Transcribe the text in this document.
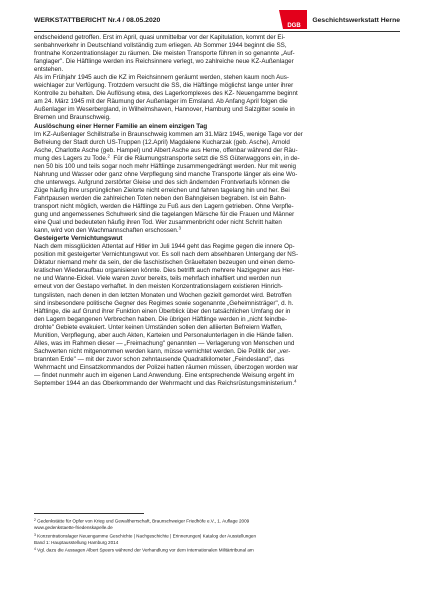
WERKSTATTBERICHT Nr.4 / 08.05.2020
DGB
Geschichtswerkstatt Herne

endscheidend getroffen. Erst im April, quasi unmittelbar vor der Kapitulation, kommt der Ei-
senbahnverkehr in Deutschland vollständig zum erliegen. Ab Sommer 1944 beginnt die SS,
frontnahe Konzentrationslager zu räumen. Die meisten Transporte führen in so genannte „Auf-
fanglager". Die Häftlinge werden ins Reichsinnere verlegt, wo zahlreiche neue KZ-Außenlager
entstehen.
Als im Frühjahr 1945 auch die KZ im Reichsinnern geräumt werden, stehen kaum noch Aus-
weichlager zur Verfügung. Trotzdem versucht die SS, die Häftlinge möglichst lange unter ihrer
Kontrolle zu behalten. Die Auflösung etwa, des Lagerkomplexes des KZ- Neuengamme beginnt
am 24. März 1945 mit der Räumung der Außenlager im Emsland. Ab Anfang April folgen die
Außenlager im Weserbergland, in Wilhelmshaven, Hannover, Hamburg und Salzgitter sowie in
Bremen und Braunschweig.

Auslöschung einer Herner Familie an einem einzigen Tag

Im KZ-Außenlager Schillstraße in Braunschweig kommen am 31.März 1945, wenige Tage vor der
Befreiung der Stadt durch US-Truppen (12.April) Magdalene Kucharzak (geb. Asche), Arnold
Asche, Charlotte Asche (geb. Hampel) und Albert Asche aus Herne, offenbar während der Räu-
mung des Lagers zu Tode.$^2$ Für die Räumungstransporte setzt die SS Güterwaggons ein, in de-
nen 50 bis 100 und teils sogar noch mehr Häftlinge zusammengedrängt werden. Nur mit wenig
Nahrung und Wasser oder ganz ohne Verpflegung sind manche Transporte länger als eine Wo-
che unterwegs. Aufgrund zerstörter Gleise und des sich ändernden Frontverlaufs können die
Züge häufig ihre ursprünglichen Zielorte nicht erreichen und fahren tagelang hin und her. Bei
Fahrtpausen werden die zahlreichen Toten neben den Bahngleisen begraben. Ist ein Bahn-
transport nicht möglich, werden die Häftlinge zu Fuß aus den Lagern getrieben. Ohne Verpfle-
gung und angemessenes Schuhwerk sind die tagelangen Märsche für die Frauen und Männer
eine Qual und bedeuteten häufig ihren Tod. Wer zusammenbricht oder nicht Schritt halten
kann, wird von den Wachmannschaften erschossen.$^3$

Gesteigerte Vernichtungswut

Nach dem missglückten Attentat auf Hitler im Juli 1944 geht das Regime gegen die innere Op-
position mit gesteigerter Vernichtungswut vor. Es soll nach dem absehbaren Untergang der NS-
Diktatur niemand mehr da sein, der die faschistischen Gräueltaten bezeugen und einen demo-
kratischen Wiederaufbau organisieren könnte. Dies betrifft auch mehrere Nazigegner aus Her-
ne und Wanne-Eickel. Viele waren zuvor bereits, teils mehrfach inhaftiert und werden nun
erneut von der Gestapo verhaftet. In den meisten Konzentrationslagern existieren Hinrich-
tungslisten, nach denen in den letzten Monaten und Wochen gezielt gemordet wird. Betroffen
sind insbesondere politische Gegner des Regimes sowie sogenannte „Geheimnisträger", d. h.
Häftlinge, die auf Grund ihrer Funktion einen Überblick über den tatsächlichen Umfang der in
den Lagern begangenen Verbrechen haben. Die übrigen Häftlinge werden in „nicht feindbe-
drohte" Gebiete evakuiert. Unter keinen Umständen sollen den alliierten Befreiern Waffen,
Munition, Verpflegung, aber auch Akten, Karteien und Personalunterlagen in die Hände fallen.
Alles, was im Rahmen dieser — „Freimachung" genannten — Verlagerung von Menschen und
Sachwerten nicht mitgenommen werden kann, müsse vernichtet werden. Die Politik der „ver-
brannten Erde" — mit der zuvor schon zehntausende Quadratkilometer „Feindesland", das
Wehrmacht und Einsatzkommandos der Polizei hatten räumen müssen, überzogen worden war
— findet nunmehr auch im eigenen Land Anwendung. Eine entsprechende Weisung ergeht im
September 1944 an das Oberkommando der Wehrmacht und das Reichsrüstungsministerium.$^4$

$^2$ Gedenkstätte für Opfer von Krieg und Gewaltherrschaft, Braunschweiger Friedhöfe e.V., 1. Auflage 2009
www.gedenkstaette-friedenskapelle.de
$^3$ Konzentrationslager Neuengamme Geschichte | Nachgeschichte | Erinnerungen| Katalog der Ausstellungen
Band 1: Hauptausstellung Hamburg 2014
$^4$ Vgl. dazu die Aussagen Albert Speers während der Verhandlung vor dem Internationalen Militärtribunal am
